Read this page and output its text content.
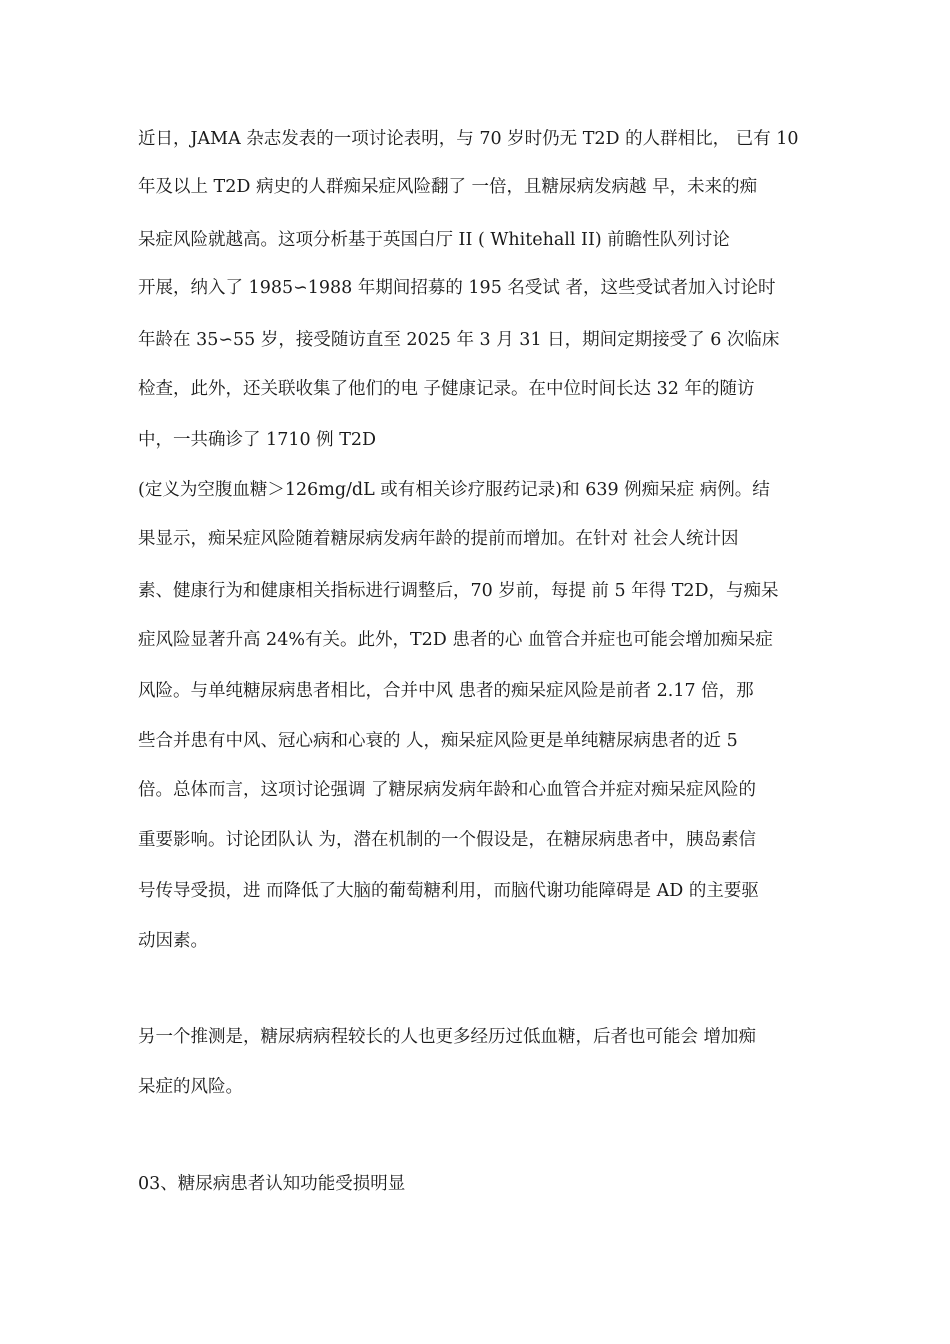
近日，JAMA 杂志发表的一项讨论表明，与 70 岁时仍无 T2D 的人群相比， 已有 10
年及以上 T2D 病史的人群痴呆症风险翻了 一倍，且糖尿病发病越 早，未来的痴
呆症风险就越高。这项分析基于英国白厅 II ( Whitehall II) 前瞻性队列讨论
开展，纳入了 1985∽1988 年期间招募的 195 名受试 者，这些受试者加入讨论时
年龄在 35∽55 岁，接受随访直至 2025 年 3 月 31 日，期间定期接受了 6 次临床
检查，此外，还关联收集了他们的电 子健康记录。在中位时间长达 32 年的随访
中，一共确诊了 1710 例 T2D
(定义为空腹血糖＞126mg/dL 或有相关诊疗服药记录)和 639 例痴呆症 病例。结
果显示，痴呆症风险随着糖尿病发病年龄的提前而增加。在针对 社会人统计因
素、健康行为和健康相关指标进行调整后，70 岁前，每提 前 5 年得 T2D，与痴呆
症风险显著升高 24%有关。此外，T2D 患者的心 血管合并症也可能会增加痴呆症
风险。与单纯糖尿病患者相比，合并中风 患者的痴呆症风险是前者 2.17 倍，那
些合并患有中风、冠心病和心衰的 人，痴呆症风险更是单纯糖尿病患者的近 5
倍。总体而言，这项讨论强调 了糖尿病发病年龄和心血管合并症对痴呆症风险的
重要影响。讨论团队认 为，潜在机制的一个假设是，在糖尿病患者中，胰岛素信
号传导受损，进 而降低了大脑的葡萄糖利用，而脑代谢功能障碍是 AD 的主要驱
动因素。
另一个推测是，糖尿病病程较长的人也更多经历过低血糖，后者也可能会 增加痴
呆症的风险。
03、糖尿病患者认知功能受损明显
